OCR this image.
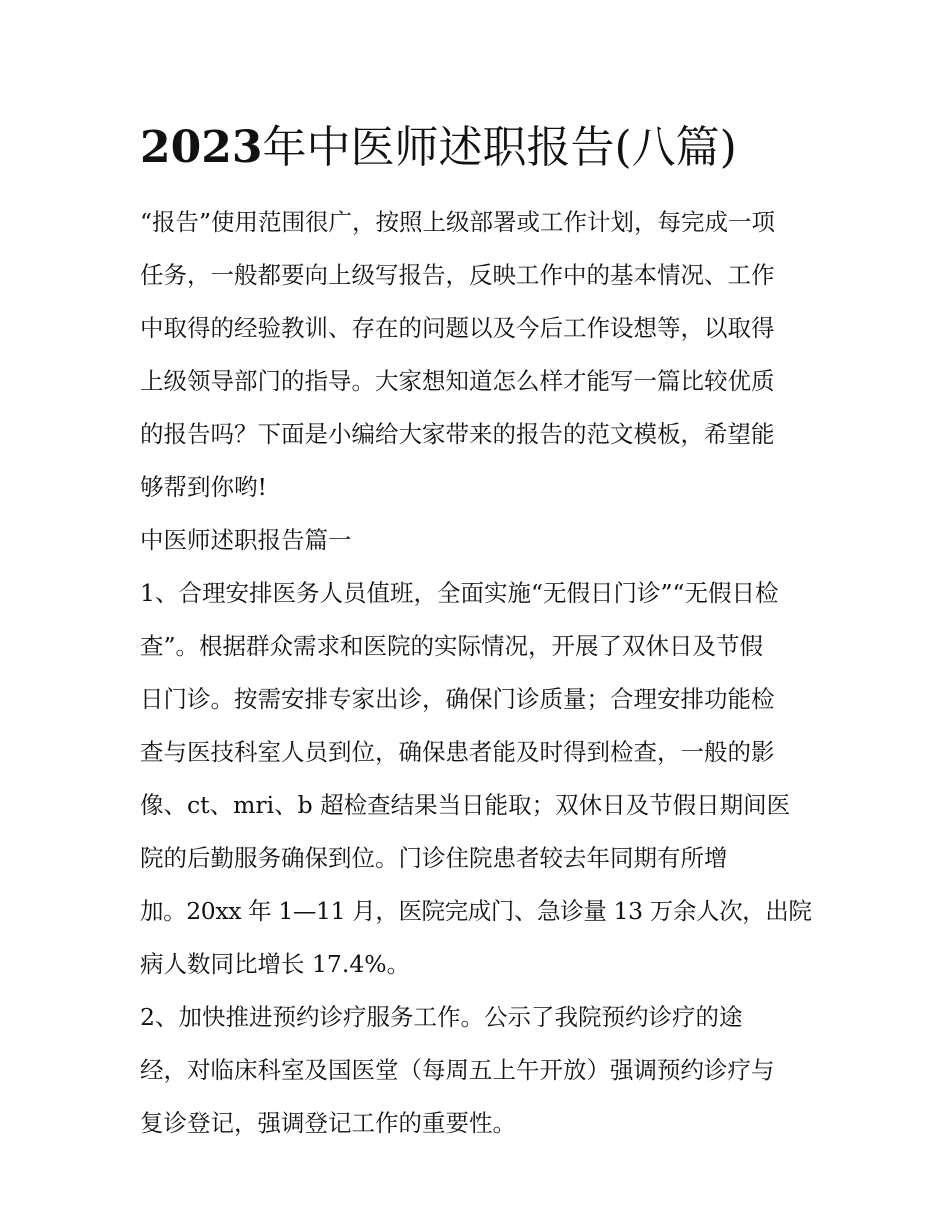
2023年中医师述职报告(八篇)

“报告”使用范围很广，按照上级部署或工作计划，每完成一项
任务，一般都要向上级写报告，反映工作中的基本情况、工作
中取得的经验教训、存在的问题以及今后工作设想等，以取得
上级领导部门的指导。大家想知道怎么样才能写一篇比较优质
的报告吗？下面是小编给大家带来的报告的范文模板，希望能
够帮到你哟!

中医师述职报告篇一

1、合理安排医务人员值班，全面实施“无假日门诊”“无假日检
查”。根据群众需求和医院的实际情况，开展了双休日及节假
日门诊。按需安排专家出诊，确保门诊质量；合理安排功能检
查与医技科室人员到位，确保患者能及时得到检查，一般的影
像、ct、mri、b 超检查结果当日能取；双休日及节假日期间医
院的后勤服务确保到位。门诊住院患者较去年同期有所增
加。20xx 年 1—11 月，医院完成门、急诊量 13 万余人次，出院
病人数同比增长 17.4%。

2、加快推进预约诊疗服务工作。公示了我院预约诊疗的途
经，对临床科室及国医堂（每周五上午开放）强调预约诊疗与
复诊登记，强调登记工作的重要性。
